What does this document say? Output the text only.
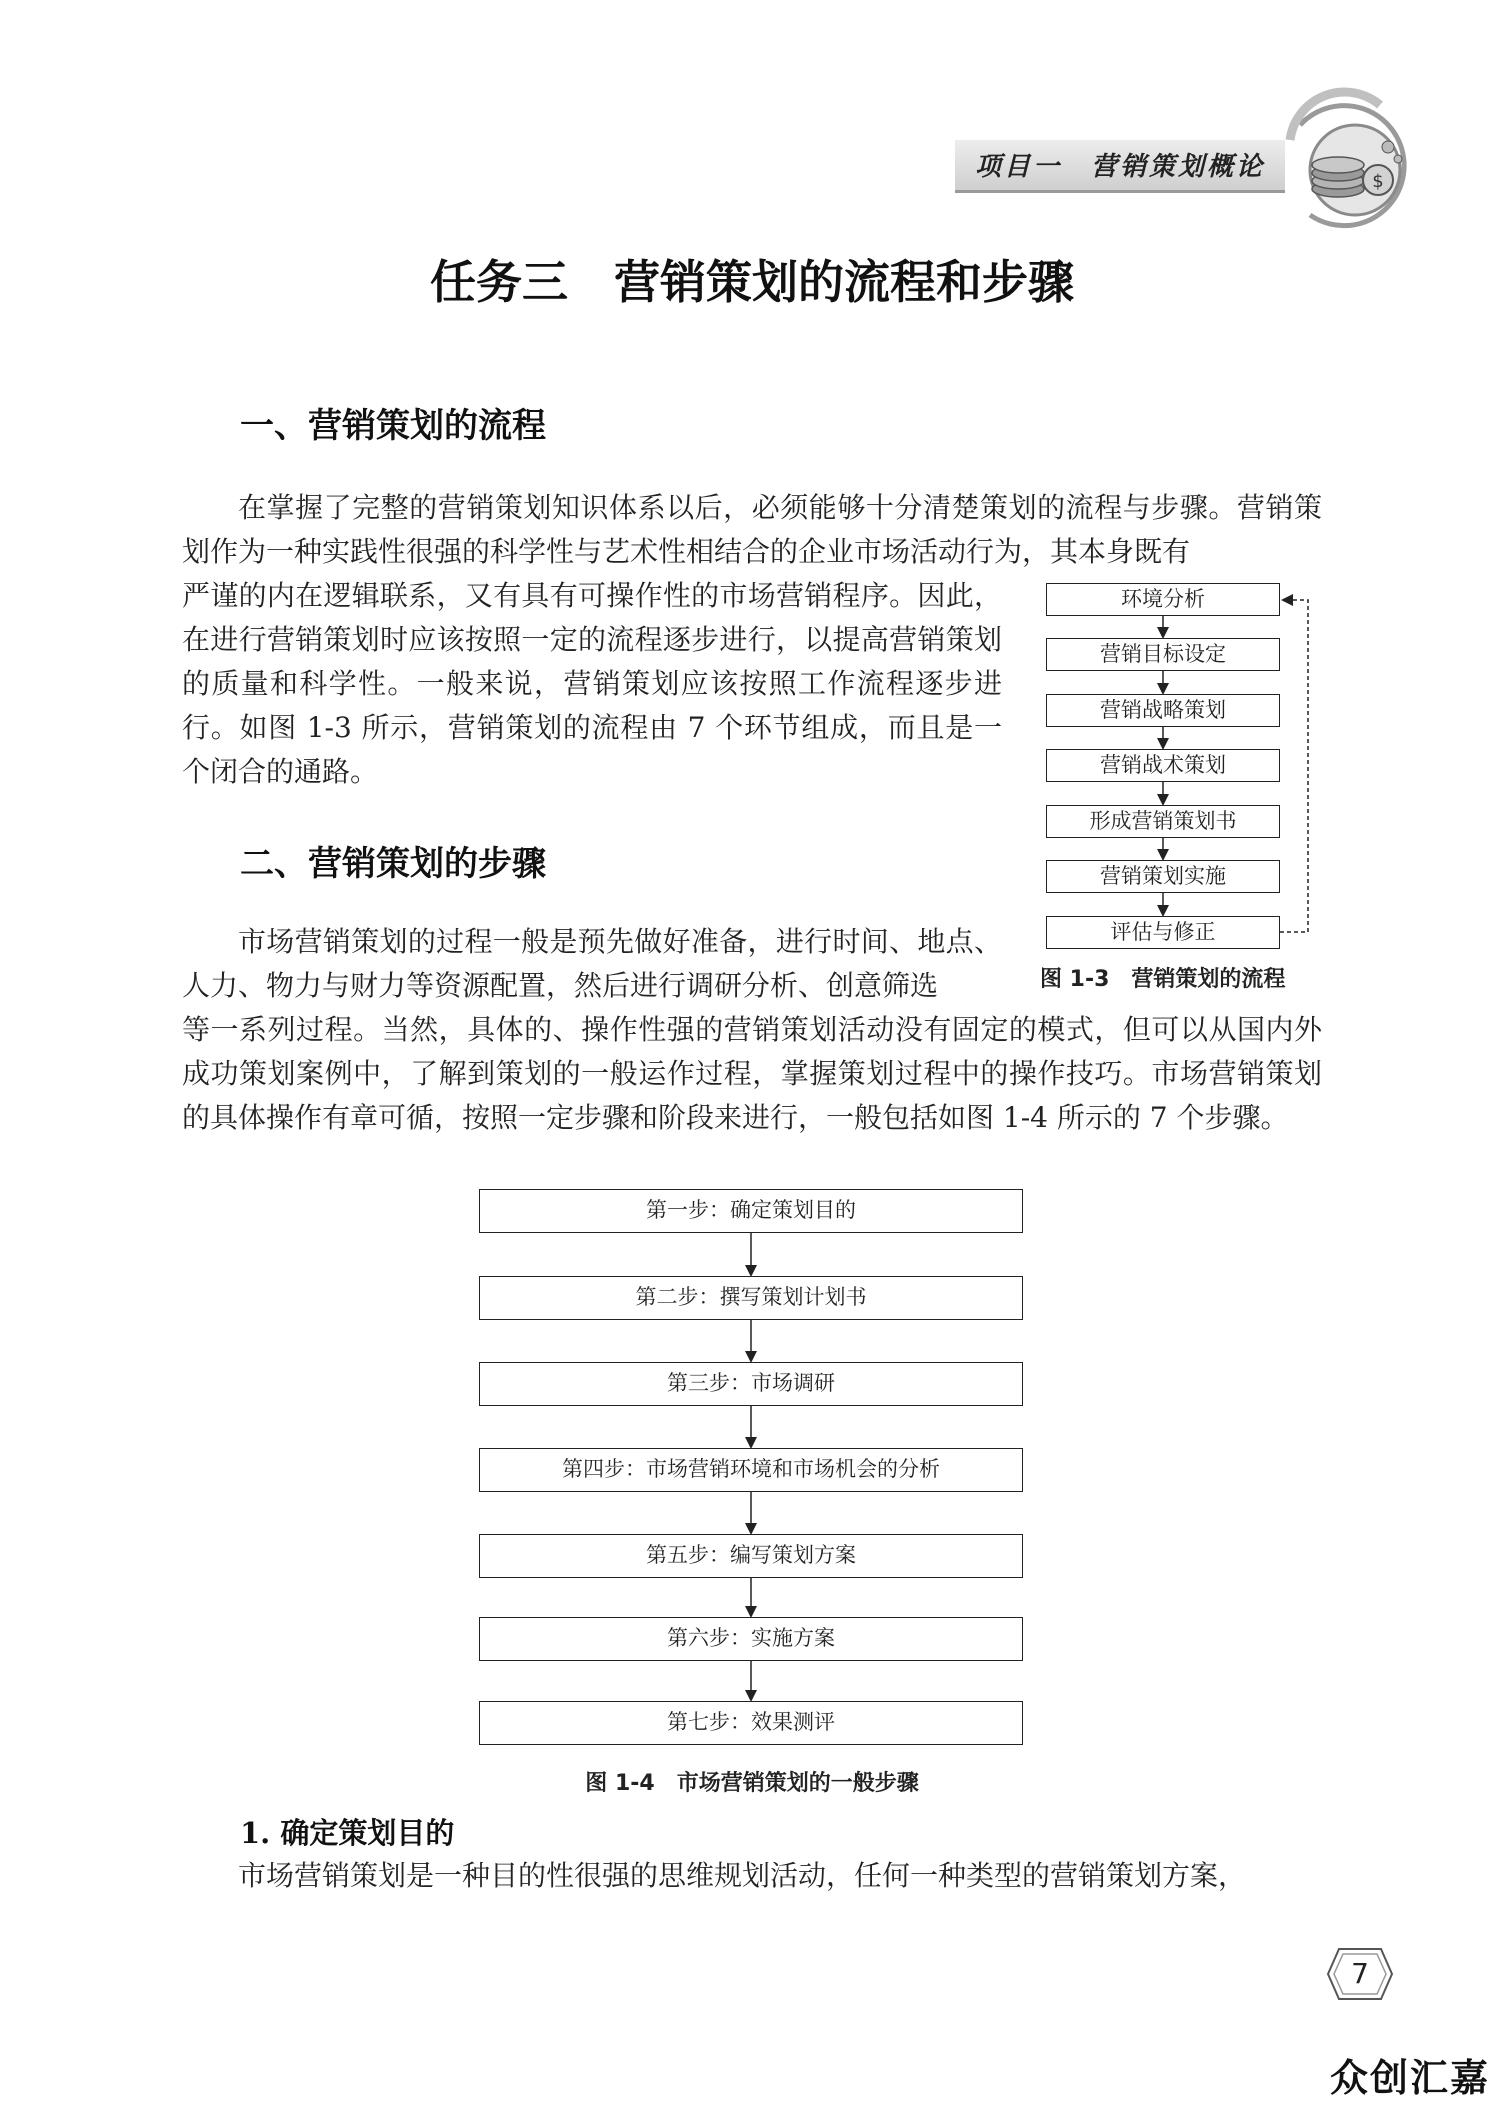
项目一　营销策划概论	$
任务三　营销策划的流程和步骤
一、营销策划的流程

在掌握了完整的营销策划知识体系以后，必须能够十分清楚策划的流程与步骤。营销策划作为一种实践性很强的科学性与艺术性相结合的企业市场活动行为，其本身既有

严谨的内在逻辑联系，又有具有可操作性的市场营销程序。因此，在进行营销策划时应该按照一定的流程逐步进行，以提高营销策划的质量和科学性。一般来说，营销策划应该按照工作流程逐步进行。如图 1-3 所示，营销策划的流程由 7 个环节组成，而且是一个闭合的通路。

环境分析
营销目标设定
营销战略策划
营销战术策划
形成营销策划书
营销策划实施
评估与修正
图 1-3　营销策划的流程
二、营销策划的步骤

市场营销策划的过程一般是预先做好准备，进行时间、地点、人力、物力与财力等资源配置，然后进行调研分析、创意筛选

等一系列过程。当然，具体的、操作性强的营销策划活动没有固定的模式，但可以从国内外成功策划案例中，了解到策划的一般运作过程，掌握策划过程中的操作技巧。市场营销策划的具体操作有章可循，按照一定步骤和阶段来进行，一般包括如图 1-4 所示的 7 个步骤。

第一步：确定策划目的
第二步：撰写策划计划书
第三步：市场调研
第四步：市场营销环境和市场机会的分析
第五步：编写策划方案
第六步：实施方案
第七步：效果测评
图 1-4　市场营销策划的一般步骤
1. 确定策划目的
市场营销策划是一种目的性很强的思维规划活动，任何一种类型的营销策划方案，
7
众创汇嘉
